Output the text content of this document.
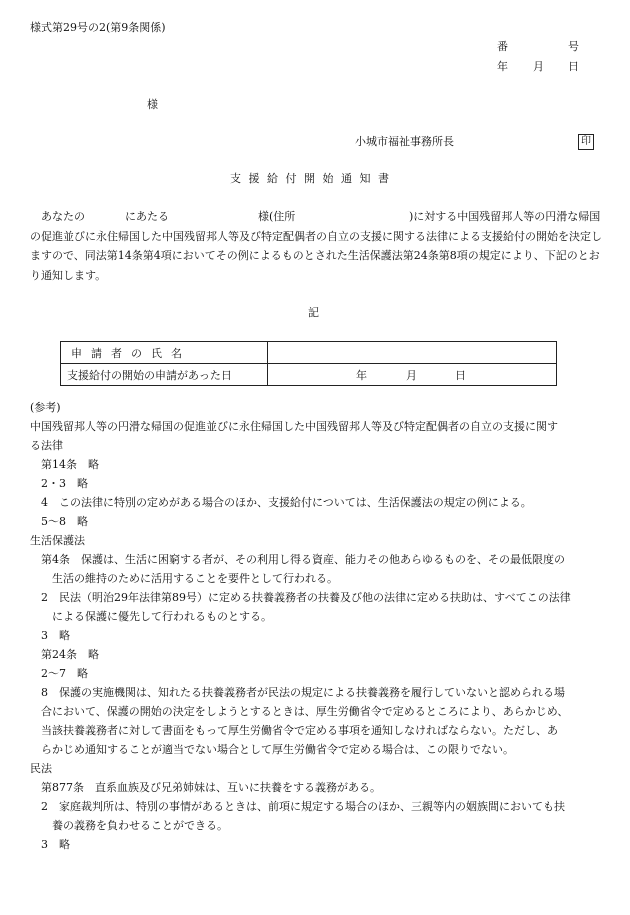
様式第29号の2(第9条関係)
番	号
年 月 日
様
小城市福祉事務所長	印
支 援 給 付 開 始 通 知 書
あなたの	にあたる	様(住所	)に対する中国残留邦人等の円滑な帰国の促進並びに永住帰国した中国残留邦人等及び特定配偶者の自立の支援に関する法律による支援給付の開始を決定しますので、同法第14条第4項においてその例によるものとされた生活保護法第24条第8項の規定により、下記のとおり通知します。
記
申請者の氏名	
支援給付の開始の申請があった日	年 月 日
(参考)
中国残留邦人等の円滑な帰国の促進並びに永住帰国した中国残留邦人等及び特定配偶者の自立の支援に関す
る法律
第14条　略
2・3　略
4　この法律に特別の定めがある場合のほか、支援給付については、生活保護法の規定の例による。
5～8　略
生活保護法
第4条　保護は、生活に困窮する者が、その利用し得る資産、能力その他あらゆるものを、その最低限度の
生活の維持のために活用することを要件として行われる。
2　民法（明治29年法律第89号）に定める扶養義務者の扶養及び他の法律に定める扶助は、すべてこの法律
による保護に優先して行われるものとする。
3　略
第24条　略
2～7　略
8　保護の実施機関は、知れたる扶養義務者が民法の規定による扶養義務を履行していないと認められる場
合において、保護の開始の決定をしようとするときは、厚生労働省令で定めるところにより、あらかじめ、
当該扶養義務者に対して書面をもって厚生労働省令で定める事項を通知しなければならない。ただし、あ
らかじめ通知することが適当でない場合として厚生労働省令で定める場合は、この限りでない。
民法
第877条　直系血族及び兄弟姉妹は、互いに扶養をする義務がある。
2　家庭裁判所は、特別の事情があるときは、前項に規定する場合のほか、三親等内の姻族間においても扶
養の義務を負わせることができる。
3　略
